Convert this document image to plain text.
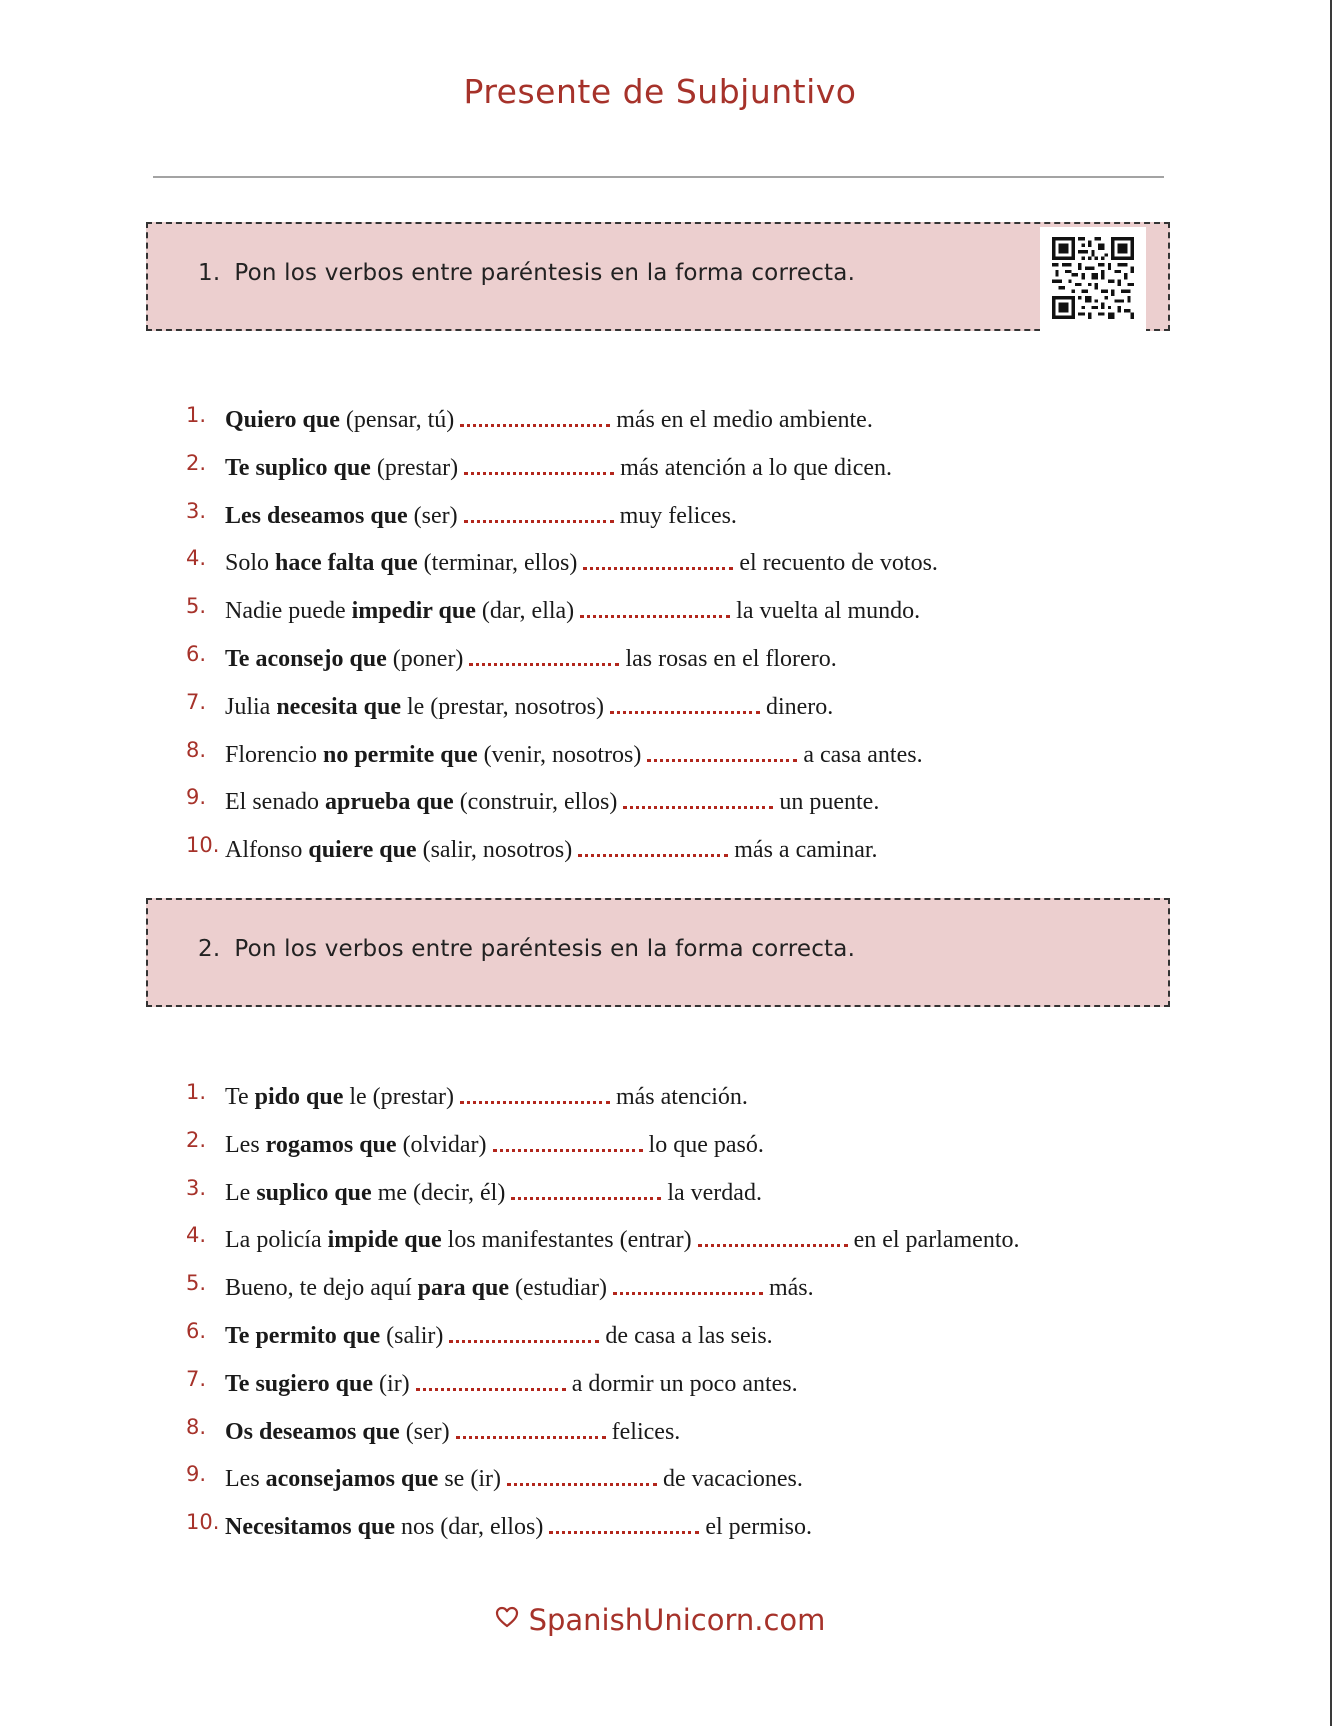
Presente de Subjuntivo
1. Pon los verbos entre paréntesis en la forma correcta.
1. Quiero que (pensar, tú)	más en el medio ambiente.
2. Te suplico que (prestar)	más atención a lo que dicen.
3. Les deseamos que (ser)	muy felices.
4. Solo hace falta que (terminar, ellos)	el recuento de votos.
5. Nadie puede impedir que (dar, ella)	la vuelta al mundo.
6. Te aconsejo que (poner)	las rosas en el florero.
7. Julia necesita que le (prestar, nosotros)	dinero.
8. Florencio no permite que (venir, nosotros)	a casa antes.
9. El senado aprueba que (construir, ellos)	un puente.
10. Alfonso quiere que (salir, nosotros)	más a caminar.
2. Pon los verbos entre paréntesis en la forma correcta.
1. Te pido que le (prestar)	más atención.
2. Les rogamos que (olvidar)	lo que pasó.
3. Le suplico que me (decir, él)	la verdad.
4. La policía impide que los manifestantes (entrar)	en el parlamento.
5. Bueno, te dejo aquí para que (estudiar)	más.
6. Te permito que (salir)	de casa a las seis.
7. Te sugiero que (ir)	a dormir un poco antes.
8. Os deseamos que (ser)	felices.
9. Les aconsejamos que se (ir)	de vacaciones.
10. Necesitamos que nos (dar, ellos)	el permiso.
SpanishUnicorn.com
